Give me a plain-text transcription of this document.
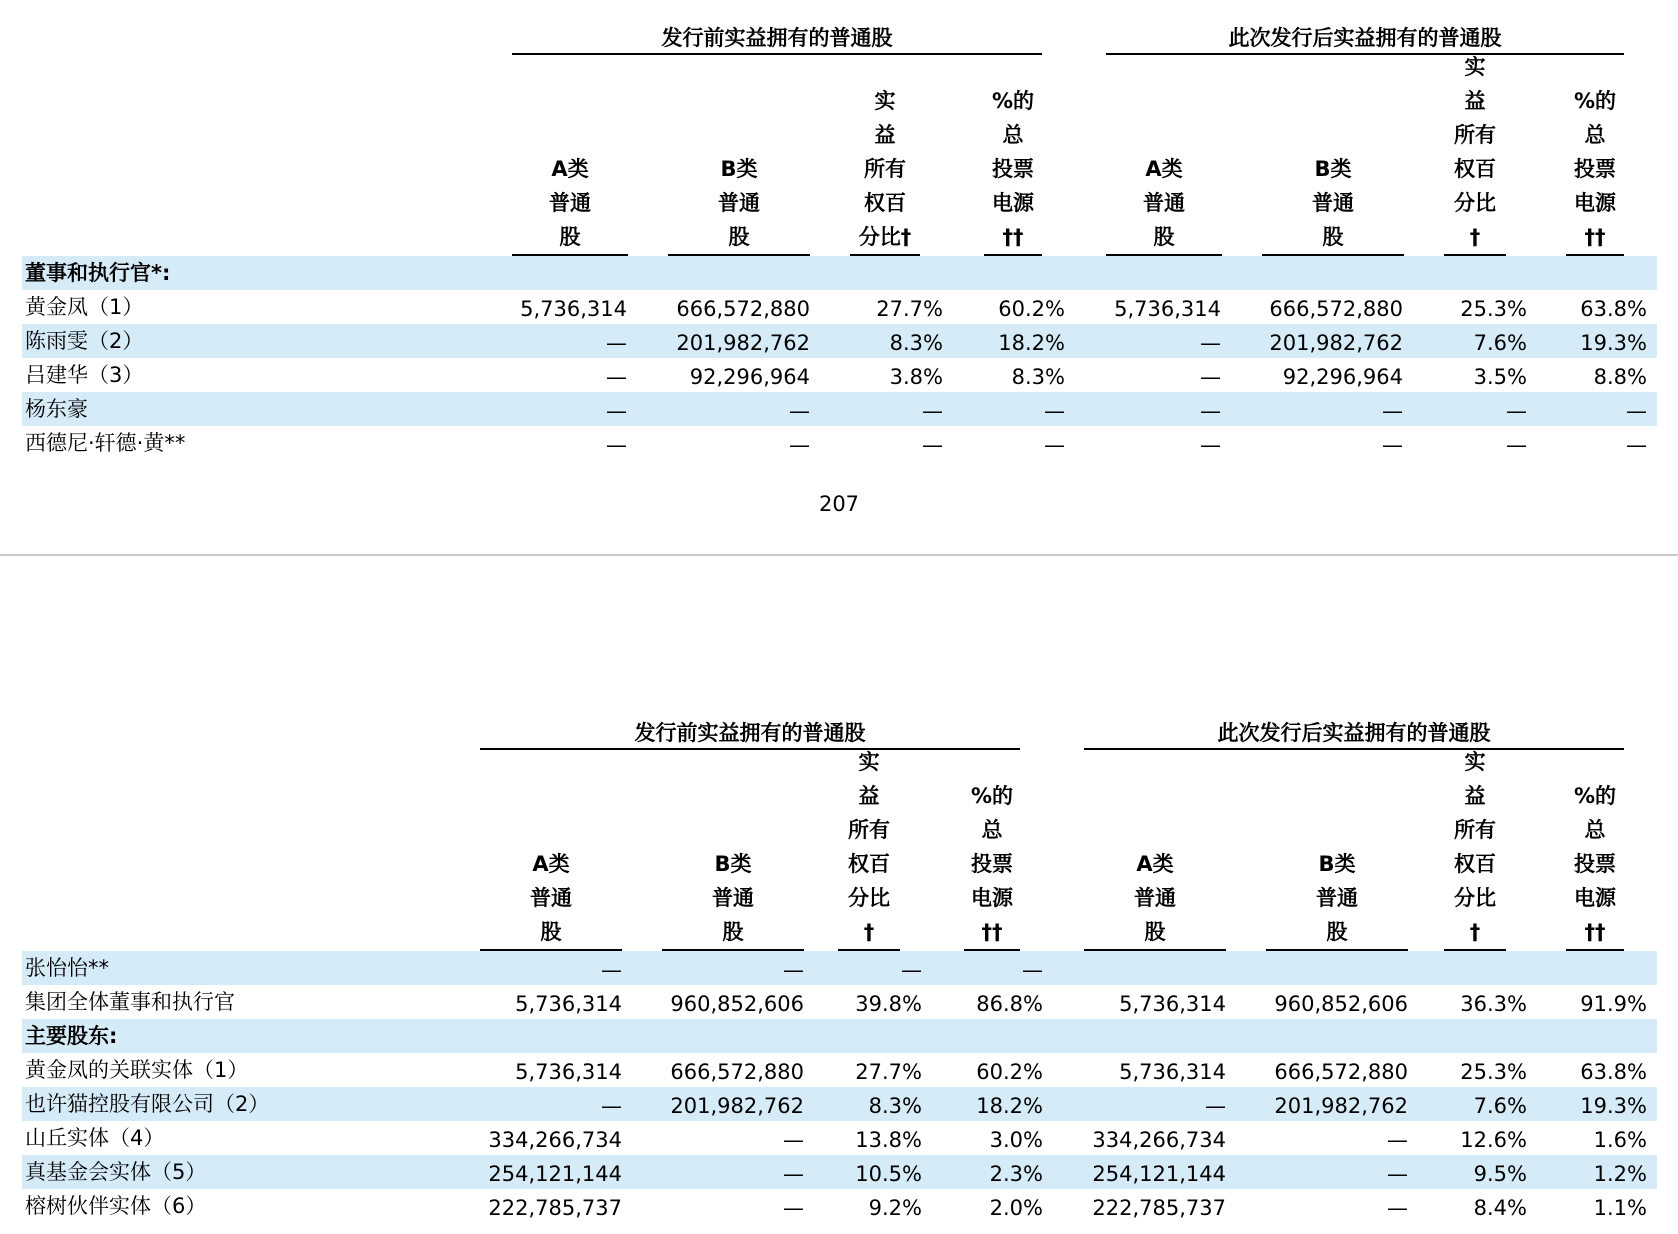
发行前实益拥有的普通股	此次发行后实益拥有的普通股
A类
普通
股
B类
普通
股
实
益
所有
权百
分比†
%的
总
投票
电源
††
A类
普通
股
B类
普通
股
实
益
所有
权百
分比
†
%的
总
投票
电源
††
董事和执行官*:
黄金凤（1）	5,736,314 666,572,880	27.7%	60.2% 5,736,314 666,572,880	25.3%	63.8%
陈雨雯（2）	— 201,982,762	8.3%	18.2%	— 201,982,762	7.6%	19.3%
吕建华（3）	—	92,296,964	3.8%	8.3%	—	92,296,964	3.5%	8.8%
杨东豪	—	—	—	—	—	—	—	—
西德尼·轩德·黄**	—	—	—	—	—	—	—	—
207
发行前实益拥有的普通股	此次发行后实益拥有的普通股
A类
普通
股
B类
普通
股
实
益
所有
权百
分比
†
%的
总
投票
电源
††
A类
普通
股
B类
普通
股
实
益
所有
权百
分比
†
%的
总
投票
电源
††
张怡怡**	—	—	—	—
集团全体董事和执行官	5,736,314 960,852,606 39.8%	86.8%	5,736,314 960,852,606 36.3%	91.9%
主要股东:
黄金凤的关联实体（1）	5,736,314 666,572,880 27.7%	60.2%	5,736,314 666,572,880 25.3%	63.8%
也许猫控股有限公司（2）	— 201,982,762	8.3%	18.2%	— 201,982,762	7.6%	19.3%
山丘实体（4）	334,266,734	— 13.8%	3.0% 334,266,734	— 12.6%	1.6%
真基金会实体（5）	254,121,144	— 10.5%	2.3% 254,121,144	—	9.5%	1.2%
榕树伙伴实体（6）	222,785,737	—	9.2%	2.0% 222,785,737	—	8.4%	1.1%
